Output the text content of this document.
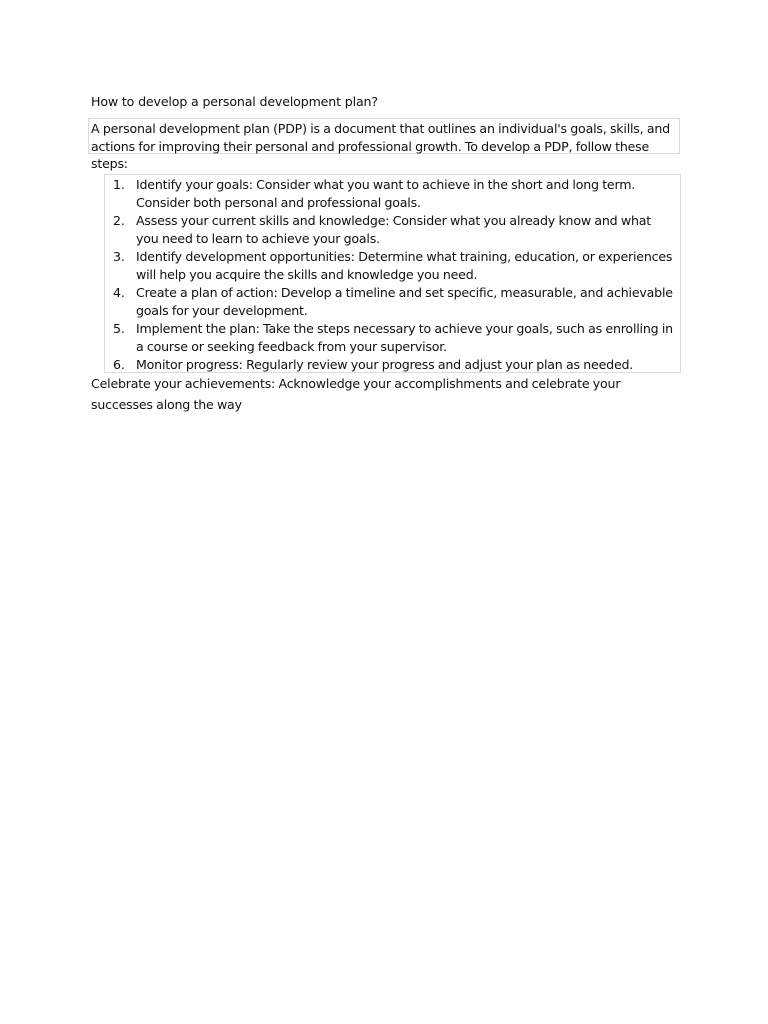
How to develop a personal development plan?
A personal development plan (PDP) is a document that outlines an individual's goals, skills, and actions for improving their personal and professional growth. To develop a PDP, follow these steps:
1. Identify your goals: Consider what you want to achieve in the short and long term. Consider both personal and professional goals.
2. Assess your current skills and knowledge: Consider what you already know and what you need to learn to achieve your goals.
3. Identify development opportunities: Determine what training, education, or experiences will help you acquire the skills and knowledge you need.
4. Create a plan of action: Develop a timeline and set specific, measurable, and achievable goals for your development.
5. Implement the plan: Take the steps necessary to achieve your goals, such as enrolling in a course or seeking feedback from your supervisor.
6. Monitor progress: Regularly review your progress and adjust your plan as needed.
Celebrate your achievements: Acknowledge your accomplishments and celebrate your successes along the way
